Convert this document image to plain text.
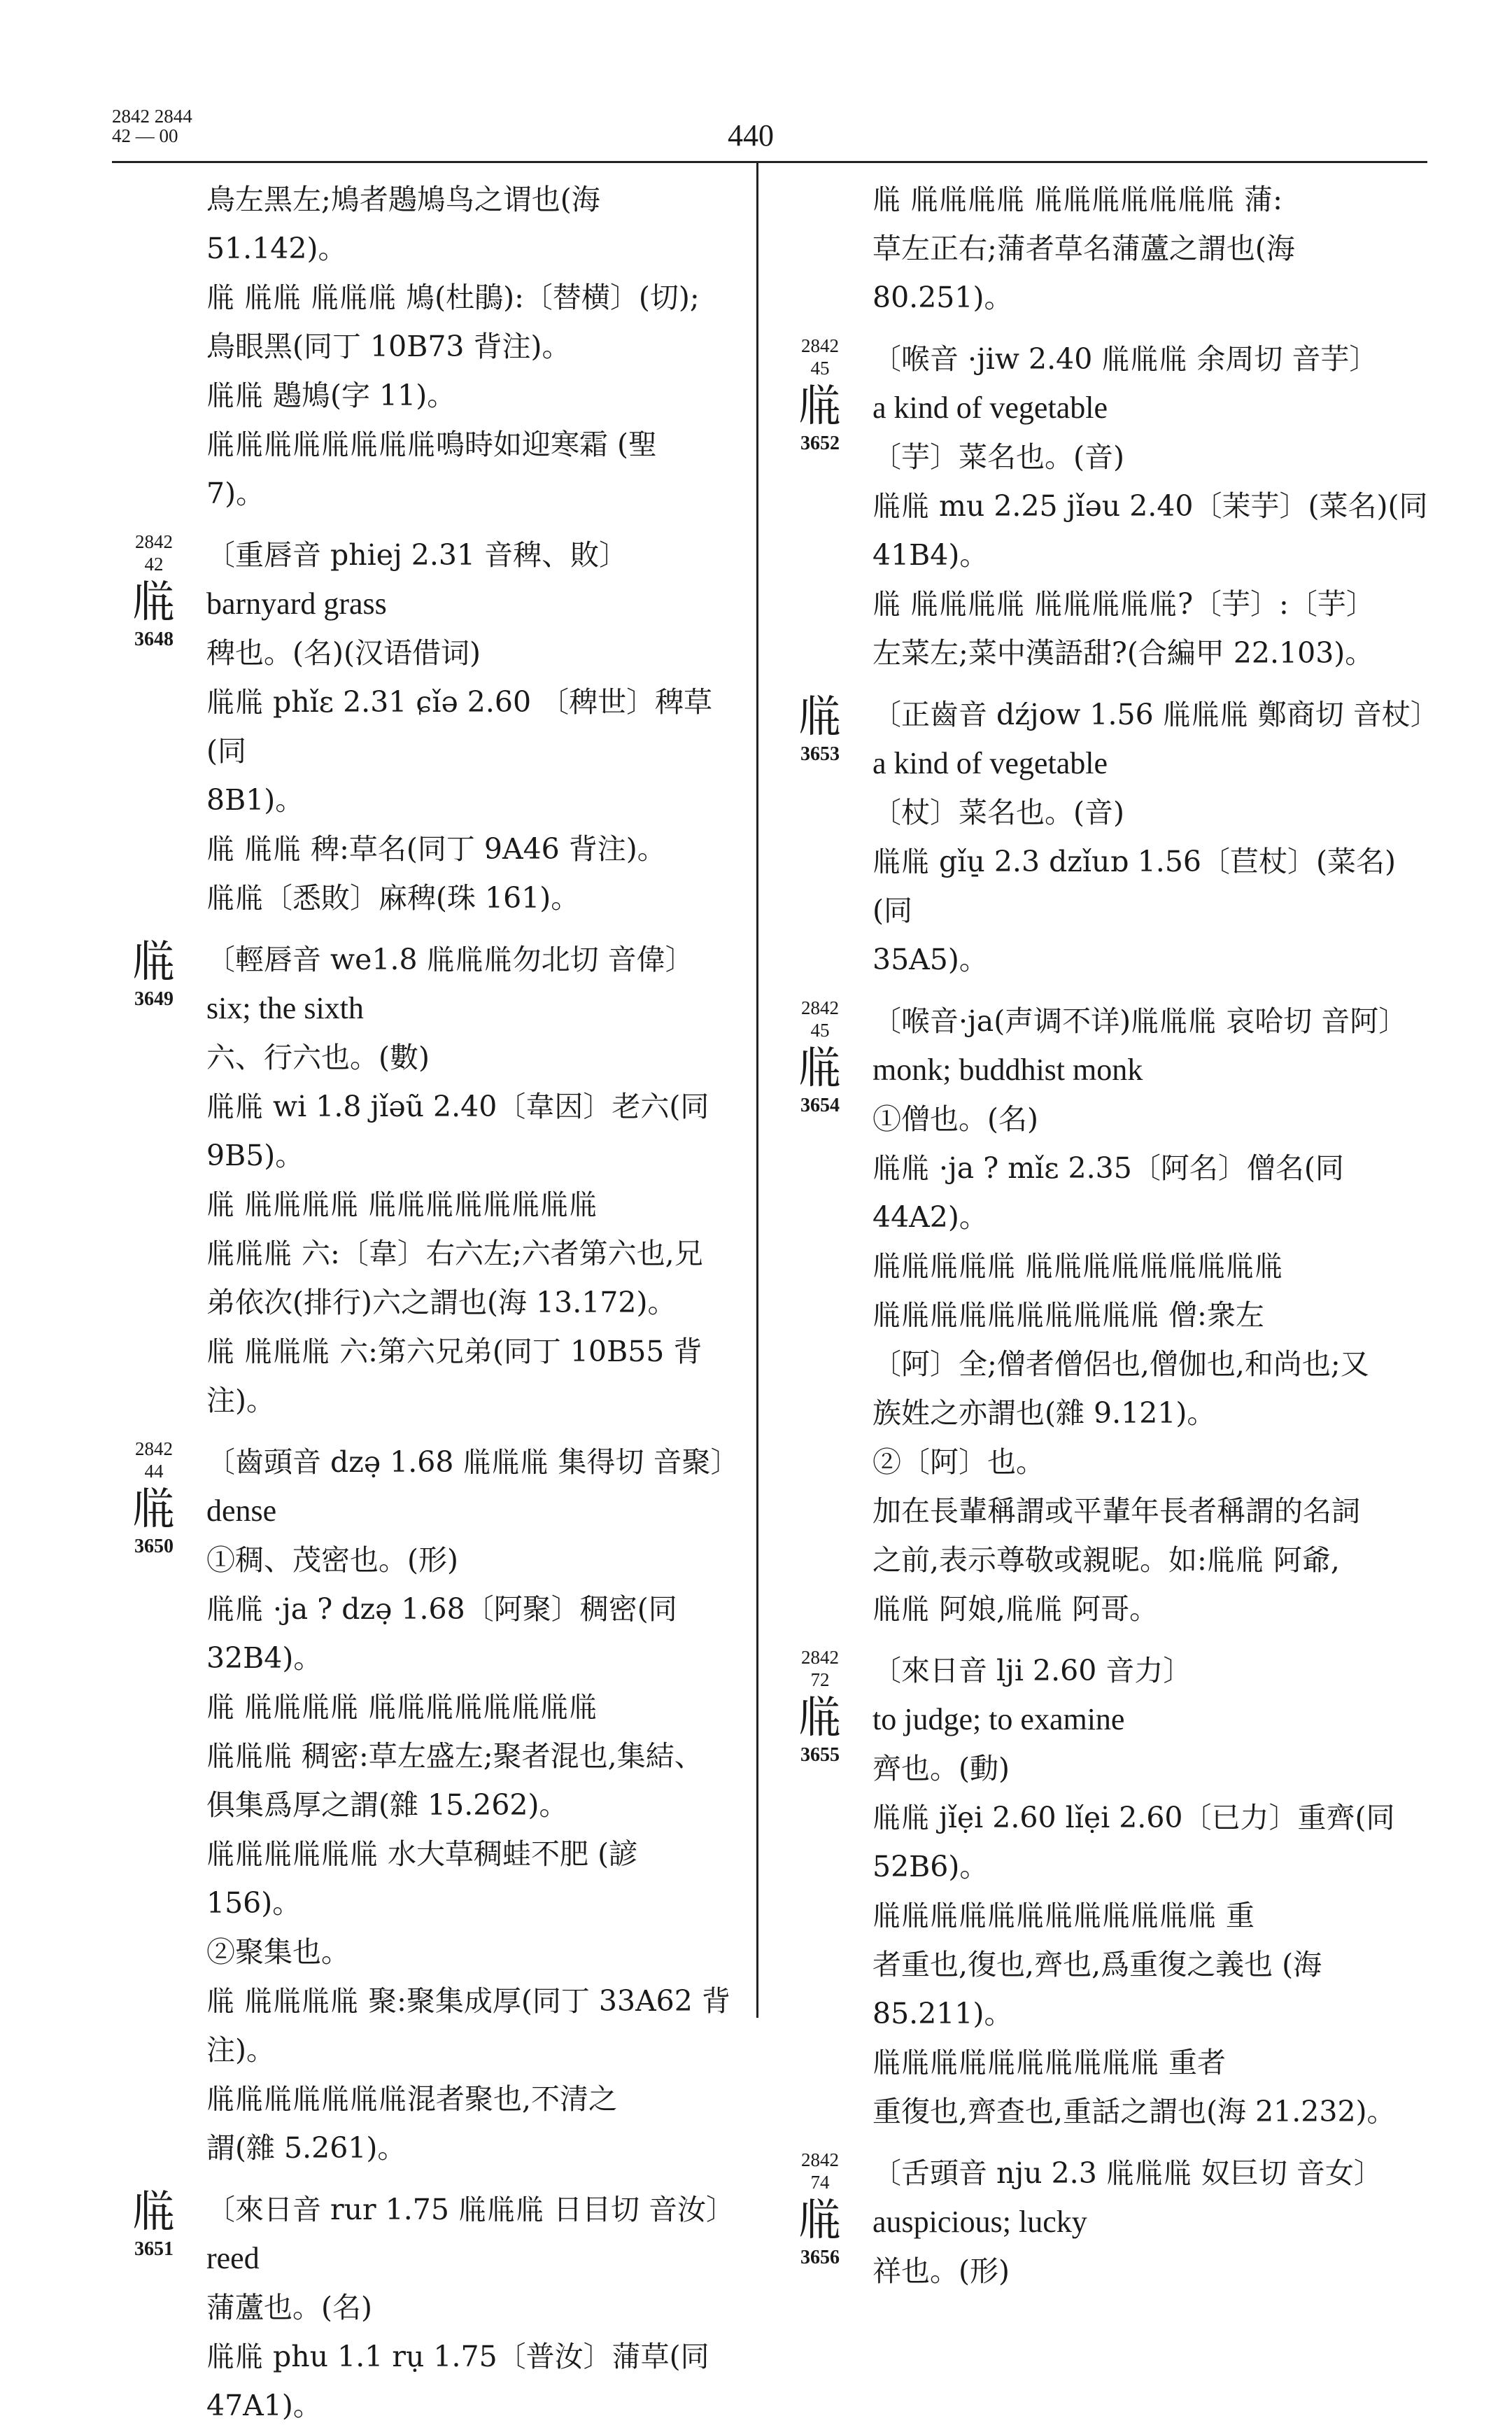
2842 2844
42 — 00	440
鳥左黑左;鳩者鶗鳩鸟之谓也(海 51.142)。
𗄼 𗄼𗄼 𗄼𗄼𗄼 鳩(杜鵑):〔替横〕(切);
鳥眼黑(同丁 10B73 背注)。
𗄼𗄼 鶗鳩(字 11)。
𗄼𗄼𗄼𗄼𗄼𗄼𗄼𗄼鳴時如迎寒霜 (聖
7)。
2842
42
𗄼
3648
〔重唇音 phiej 2.31 音稗、敗〕
barnyard grass
稗也。(名)(汉语借词)
𗄼𗄼 phǐɛ 2.31 ɕǐə 2.60 〔稗世〕稗草(同
8B1)。
𗄼 𗄼𗄼 稗:草名(同丁 9A46 背注)。
𗄼𗄼〔悉敗〕麻稗(珠 161)。
𗄼
3649
〔輕唇音 we1.8 𗄼𗄼𗄼勿北切 音偉〕
six; the sixth
六、行六也。(數)
𗄼𗄼 wi 1.8 jǐəũ 2.40〔韋因〕老六(同 9B5)。
𗄼 𗄼𗄼𗄼𗄼 𗄼𗄼𗄼𗄼𗄼𗄼𗄼𗄼
𗄼𗄼𗄼 六:〔韋〕右六左;六者第六也,兄
弟依次(排行)六之謂也(海 13.172)。
𗄼 𗄼𗄼𗄼 六:第六兄弟(同丁 10B55 背注)。
2842
44
𗄼
3650
〔齒頭音 dzə̣ 1.68 𗄼𗄼𗄼 集得切 音聚〕
dense
①稠、茂密也。(形)
𗄼𗄼 ·ja ? dzə̣ 1.68〔阿聚〕稠密(同 32B4)。
𗄼 𗄼𗄼𗄼𗄼 𗄼𗄼𗄼𗄼𗄼𗄼𗄼𗄼
𗄼𗄼𗄼 稠密:草左盛左;聚者混也,集結、
俱集爲厚之謂(雜 15.262)。
𗄼𗄼𗄼𗄼𗄼𗄼 水大草稠蛙不肥 (諺
156)。
②聚集也。
𗄼 𗄼𗄼𗄼𗄼 聚:聚集成厚(同丁 33A62 背
注)。
𗄼𗄼𗄼𗄼𗄼𗄼𗄼混者聚也,不清之
謂(雜 5.261)。
𗄼
3651
〔來日音 rur 1.75 𗄼𗄼𗄼 日目切 音汝〕
reed
蒲蘆也。(名)
𗄼𗄼 phu 1.1 rụ 1.75〔普汝〕蒲草(同 47A1)。
𗄼 𗄼𗄼𗄼𗄼 𗄼𗄼𗄼𗄼𗄼𗄼𗄼 蒲:
草左正右;蒲者草名蒲蘆之謂也(海 80.251)。
2842
45
𗄼
3652
〔喉音 ·jiw 2.40 𗄼𗄼𗄼 余周切 音芋〕
a kind of vegetable
〔芋〕菜名也。(音)
𗄼𗄼 mu 2.25 jǐəu 2.40〔茉芋〕(菜名)(同
41B4)。
𗄼 𗄼𗄼𗄼𗄼 𗄼𗄼𗄼𗄼𗄼?〔芋〕:〔芋〕
左菜左;菜中漢語甜?(合編甲 22.103)。
𗄼
3653
〔正齒音 dźjow 1.56 𗄼𗄼𗄼 鄭商切 音杖〕
a kind of vegetable
〔杖〕菜名也。(音)
𗄼𗄼 gǐu̠ 2.3 dzǐuɒ 1.56〔苣杖〕(菜名)(同
35A5)。
2842
45
𗄼
3654
〔喉音·ja(声调不详)𗄼𗄼𗄼 哀哈切 音阿〕
monk; buddhist monk
①僧也。(名)
𗄼𗄼 ·ja ? mǐɛ 2.35〔阿名〕僧名(同 44A2)。
𗄼𗄼𗄼𗄼𗄼 𗄼𗄼𗄼𗄼𗄼𗄼𗄼𗄼𗄼
𗄼𗄼𗄼𗄼𗄼𗄼𗄼𗄼𗄼𗄼 僧:衆左
〔阿〕全;僧者僧侶也,僧伽也,和尚也;又
族姓之亦謂也(雜 9.121)。
②〔阿〕也。
加在長輩稱謂或平輩年長者稱謂的名詞
之前,表示尊敬或親昵。如:𗄼𗄼 阿爺,
𗄼𗄼 阿娘,𗄼𗄼 阿哥。
2842
72
𗄼
3655
〔來日音 lji 2.60 音力〕
to judge; to examine
齊也。(動)
𗄼𗄼 jǐẹi 2.60 lǐẹi 2.60〔已力〕重齊(同 52B6)。
𗄼𗄼𗄼𗄼𗄼𗄼𗄼𗄼𗄼𗄼𗄼𗄼 重
者重也,復也,齊也,爲重復之義也 (海
85.211)。
𗄼𗄼𗄼𗄼𗄼𗄼𗄼𗄼𗄼𗄼 重者
重復也,齊查也,重話之謂也(海 21.232)。
2842
74
𗄼
3656
〔舌頭音 nju 2.3 𗄼𗄼𗄼 奴巨切 音女〕
auspicious; lucky
祥也。(形)
